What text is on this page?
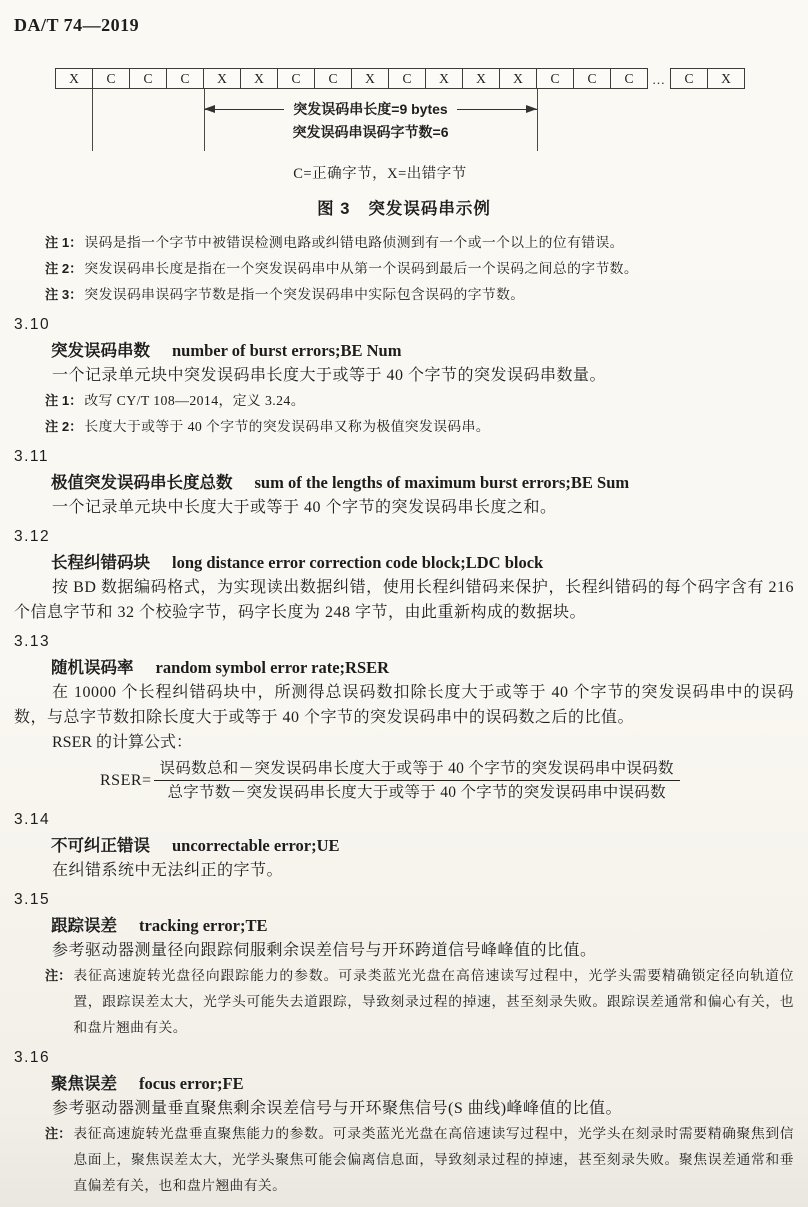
DA/T 74—2019
X	C	C	C	X	X	C	C	X	C	X	X	X	C	C	C	…	C	X
突发误码串长度=9 bytes
突发误码串误码字节数=6
C=正确字节，X=出错字节
图 3 突发误码串示例
注 1： 误码是指一个字节中被错误检测电路或纠错电路侦测到有一个或一个以上的位有错误。
注 2： 突发误码串长度是指在一个突发误码串中从第一个误码到最后一个误码之间总的字节数。
注 3： 突发误码串误码字节数是指一个突发误码串中实际包含误码的字节数。
3.10
突发误码串数 number of burst errors;BE Num

一个记录单元块中突发误码串长度大于或等于 40 个字节的突发误码串数量。

注 1： 改写 CY/T 108—2014，定义 3.24。
注 2： 长度大于或等于 40 个字节的突发误码串又称为极值突发误码串。
3.11
极值突发误码串长度总数 sum of the lengths of maximum burst errors;BE Sum

一个记录单元块中长度大于或等于 40 个字节的突发误码串长度之和。

3.12
长程纠错码块 long distance error correction code block;LDC block

按 BD 数据编码格式，为实现读出数据纠错，使用长程纠错码来保护，长程纠错码的每个码字含有 216 个信息字节和 32 个校验字节，码字长度为 248 字节，由此重新构成的数据块。

3.13
随机误码率 random symbol error rate;RSER

在 10000 个长程纠错码块中，所测得总误码数扣除长度大于或等于 40 个字节的突发误码串中的误码数，与总字节数扣除长度大于或等于 40 个字节的突发误码串中的误码数之后的比值。

RSER 的计算公式：

RSER= $\frac{\text{误码数总和－突发误码串长度大于或等于 40 个字节的突发误码串中误码数}}{\text{总字节数－突发误码串长度大于或等于 40 个字节的突发误码串中误码数}}$
3.14
不可纠正错误 uncorrectable error;UE

在纠错系统中无法纠正的字节。

3.15
跟踪误差 tracking error;TE

参考驱动器测量径向跟踪伺服剩余误差信号与开环跨道信号峰峰值的比值。

注： 表征高速旋转光盘径向跟踪能力的参数。可录类蓝光光盘在高倍速读写过程中，光学头需要精确锁定径向轨道位置，跟踪误差太大，光学头可能失去道跟踪，导致刻录过程的掉速，甚至刻录失败。跟踪误差通常和偏心有关，也和盘片翘曲有关。
3.16
聚焦误差 focus error;FE

参考驱动器测量垂直聚焦剩余误差信号与开环聚焦信号(S 曲线)峰峰值的比值。

注： 表征高速旋转光盘垂直聚焦能力的参数。可录类蓝光光盘在高倍速读写过程中，光学头在刻录时需要精确聚焦到信息面上，聚焦误差太大，光学头聚焦可能会偏离信息面，导致刻录过程的掉速，甚至刻录失败。聚焦误差通常和垂直偏差有关，也和盘片翘曲有关。
